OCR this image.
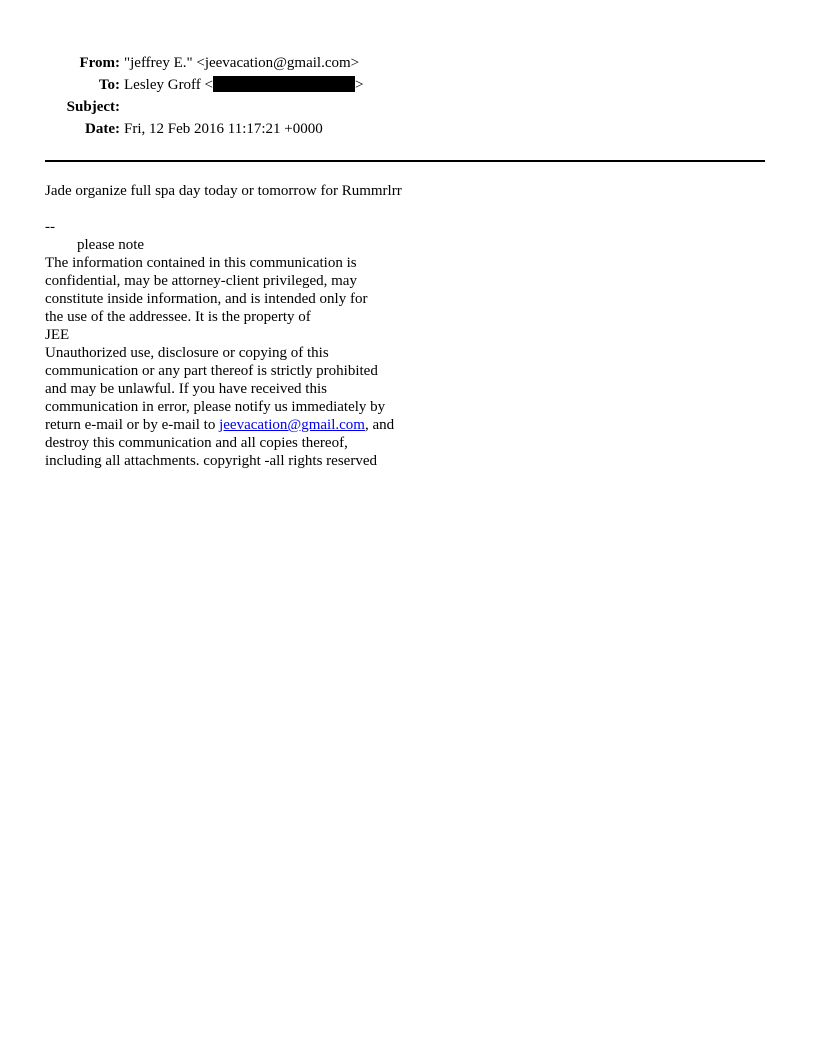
From: "jeffrey E." <jeevacation@gmail.com>
To: Lesley Groff <	>
Subject:
Date: Fri, 12 Feb 2016 11:17:21 +0000
Jade organize full spa day today or tomorrow for Rummrlrr
--
please note
The information contained in this communication is
confidential, may be attorney-client privileged, may
constitute inside information, and is intended only for
the use of the addressee. It is the property of
JEE
Unauthorized use, disclosure or copying of this
communication or any part thereof is strictly prohibited
and may be unlawful. If you have received this
communication in error, please notify us immediately by
return e-mail or by e-mail to jeevacation@gmail.com, and
destroy this communication and all copies thereof,
including all attachments. copyright -all rights reserved
